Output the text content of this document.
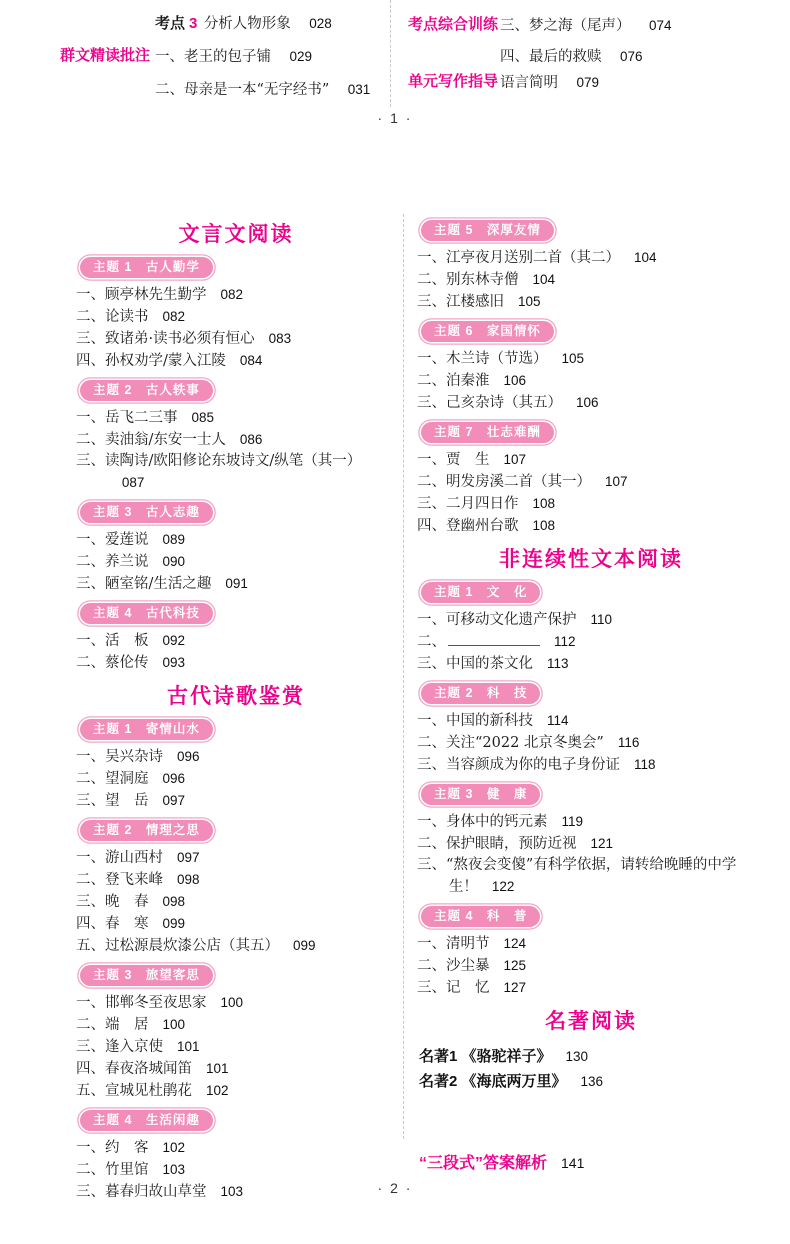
考点 3 分析人物形象 028
群文精读批注 一、老王的包子铺 029
二、母亲是一本“无字经书” 031
考点综合训练 三、梦之海（尾声） 074
四、最后的救赎 076
单元写作指导 语言简明 079
· 1 ·
文言文阅读
主题 1　古人勤学
一、顾亭林先生勤学 082
二、论读书 082
三、致诸弟·读书必须有恒心 083
四、孙权劝学/蒙入江陵 084
主题 2　古人轶事
一、岳飞二三事 085
二、卖油翁/东安一士人 086
三、读陶诗/欧阳修论东坡诗文/纵笔（其一）087
主题 3　古人志趣
一、爱莲说 089
二、养兰说 090
三、陋室铭/生活之趣 091
主题 4　古代科技
一、活　板 092
二、蔡伦传 093
古代诗歌鉴赏
主题 1　寄情山水
一、吴兴杂诗 096
二、望洞庭 096
三、望　岳 097
主题 2　情理之思
一、游山西村 097
二、登飞来峰 098
三、晚　春 098
四、春　寒 099
五、过松源晨炊漆公店（其五） 099
主题 3　旅望客思
一、邯郸冬至夜思家 100
二、端　居 100
三、逢入京使 101
四、春夜洛城闻笛 101
五、宣城见杜鹃花 102
主题 4　生活闲趣
一、约　客 102
二、竹里馆 103
三、暮春归故山草堂 103
主题 5　深厚友情
一、江亭夜月送别二首（其二） 104
二、别东林寺僧 104
三、江楼感旧 105
主题 6　家国情怀
一、木兰诗（节选） 105
二、泊秦淮 106
三、己亥杂诗（其五） 106
主题 7　壮志难酬
一、贾　生 107
二、明发房溪二首（其一） 107
三、二月四日作 108
四、登幽州台歌 108
非连续性文本阅读
主题 1　文　化
一、可移动文化遗产保护 110
二、	112
三、中国的茶文化 113
主题 2　科　技
一、中国的新科技 114
二、关注“2022 北京冬奥会” 116
三、当容颜成为你的电子身份证 118
主题 3　健　康
一、身体中的钙元素 119
二、保护眼睛，预防近视 121
三、“熬夜会变傻”有科学依据，请转给晚睡的中学生！ 122
主题 4　科　普
一、清明节 124
二、沙尘暴 125
三、记　忆 127
名著阅读
名著1 《骆驼祥子》 130
名著2 《海底两万里》 136
“三段式”答案解析 141
· 2 ·
